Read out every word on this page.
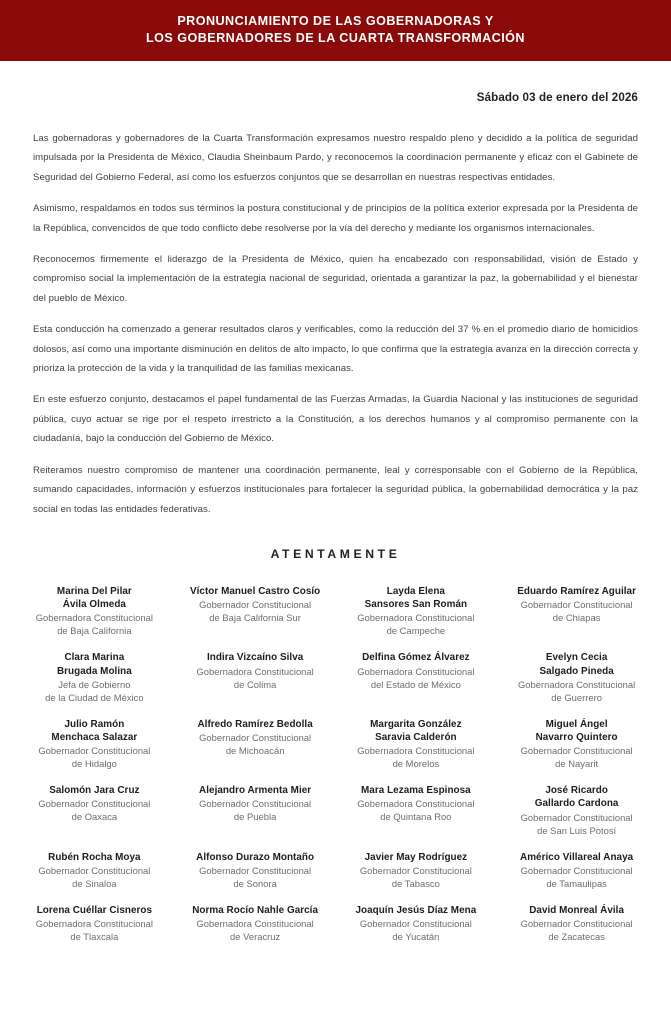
PRONUNCIAMIENTO DE LAS GOBERNADORAS Y
LOS GOBERNADORES DE LA CUARTA TRANSFORMACIÓN
Sábado 03 de enero del 2026

Las gobernadoras y gobernadores de la Cuarta Transformación expresamos nuestro respaldo pleno y decidido a la política de seguridad impulsada por la Presidenta de México, Claudia Sheinbaum Pardo, y reconocemos la coordinación permanente y eficaz con el Gabinete de Seguridad del Gobierno Federal, así como los esfuerzos conjuntos que se desarrollan en nuestras respectivas entidades.

Asimismo, respaldamos en todos sus términos la postura constitucional y de principios de la política exterior expresada por la Presidenta de la República, convencidos de que todo conflicto debe resolverse por la vía del derecho y mediante los organismos internacionales.

Reconocemos firmemente el liderazgo de la Presidenta de México, quien ha encabezado con responsabilidad, visión de Estado y compromiso social la implementación de la estrategia nacional de seguridad, orientada a garantizar la paz, la gobernabilidad y el bienestar del pueblo de México.

Esta conducción ha comenzado a generar resultados claros y verificables, como la reducción del 37 % en el promedio diario de homicidios dolosos, así como una importante disminución en delitos de alto impacto, lo que confirma que la estrategia avanza en la dirección correcta y prioriza la protección de la vida y la tranquilidad de las familias mexicanas.

En este esfuerzo conjunto, destacamos el papel fundamental de las Fuerzas Armadas, la Guardia Nacional y las instituciones de seguridad pública, cuyo actuar se rige por el respeto irrestricto a la Constitución, a los derechos humanos y al compromiso permanente con la ciudadanía, bajo la conducción del Gobierno de México.

Reiteramos nuestro compromiso de mantener una coordinación permanente, leal y corresponsable con el Gobierno de la República, sumando capacidades, información y esfuerzos institucionales para fortalecer la seguridad pública, la gobernabilidad democrática y la paz social en todas las entidades federativas.

ATENTAMENTE
Marina Del Pilar
Ávila Olmeda
Gobernadora Constitucional
de Baja California
Víctor Manuel Castro Cosío
Gobernador Constitucional
de Baja California Sur
Layda Elena
Sansores San Román
Gobernadora Constitucional
de Campeche
Eduardo Ramírez Aguilar
Gobernador Constitucional
de Chiapas
Clara Marina
Brugada Molina
Jefa de Gobierno
de la Ciudad de México
Indira Vizcaíno Silva
Gobernadora Constitucional
de Colima
Delfina Gómez Álvarez
Gobernadora Constitucional
del Estado de México
Evelyn Cecia
Salgado Pineda
Gobernadora Constitucional
de Guerrero
Julio Ramón
Menchaca Salazar
Gobernador Constitucional
de Hidalgo
Alfredo Ramírez Bedolla
Gobernador Constitucional
de Michoacán
Margarita González
Saravia Calderón
Gobernadora Constitucional
de Morelos
Miguel Ángel
Navarro Quintero
Gobernador Constitucional
de Nayarit
Salomón Jara Cruz
Gobernador Constitucional
de Oaxaca
Alejandro Armenta Mier
Gobernador Constitucional
de Puebla
Mara Lezama Espinosa
Gobernadora Constitucional
de Quintana Roo
José Ricardo
Gallardo Cardona
Gobernador Constitucional
de San Luis Potosí
Rubén Rocha Moya
Gobernador Constitucional
de Sinaloa
Alfonso Durazo Montaño
Gobernador Constitucional
de Sonora
Javier May Rodríguez
Gobernador Constitucional
de Tabasco
Américo Villareal Anaya
Gobernador Constitucional
de Tamaulipas
Lorena Cuéllar Cisneros
Gobernadora Constitucional
de Tlaxcala
Norma Rocío Nahle García
Gobernadora Constitucional
de Veracruz
Joaquín Jesús Díaz Mena
Gobernador Constitucional
de Yucatán
David Monreal Ávila
Gobernador Constitucional
de Zacatecas
